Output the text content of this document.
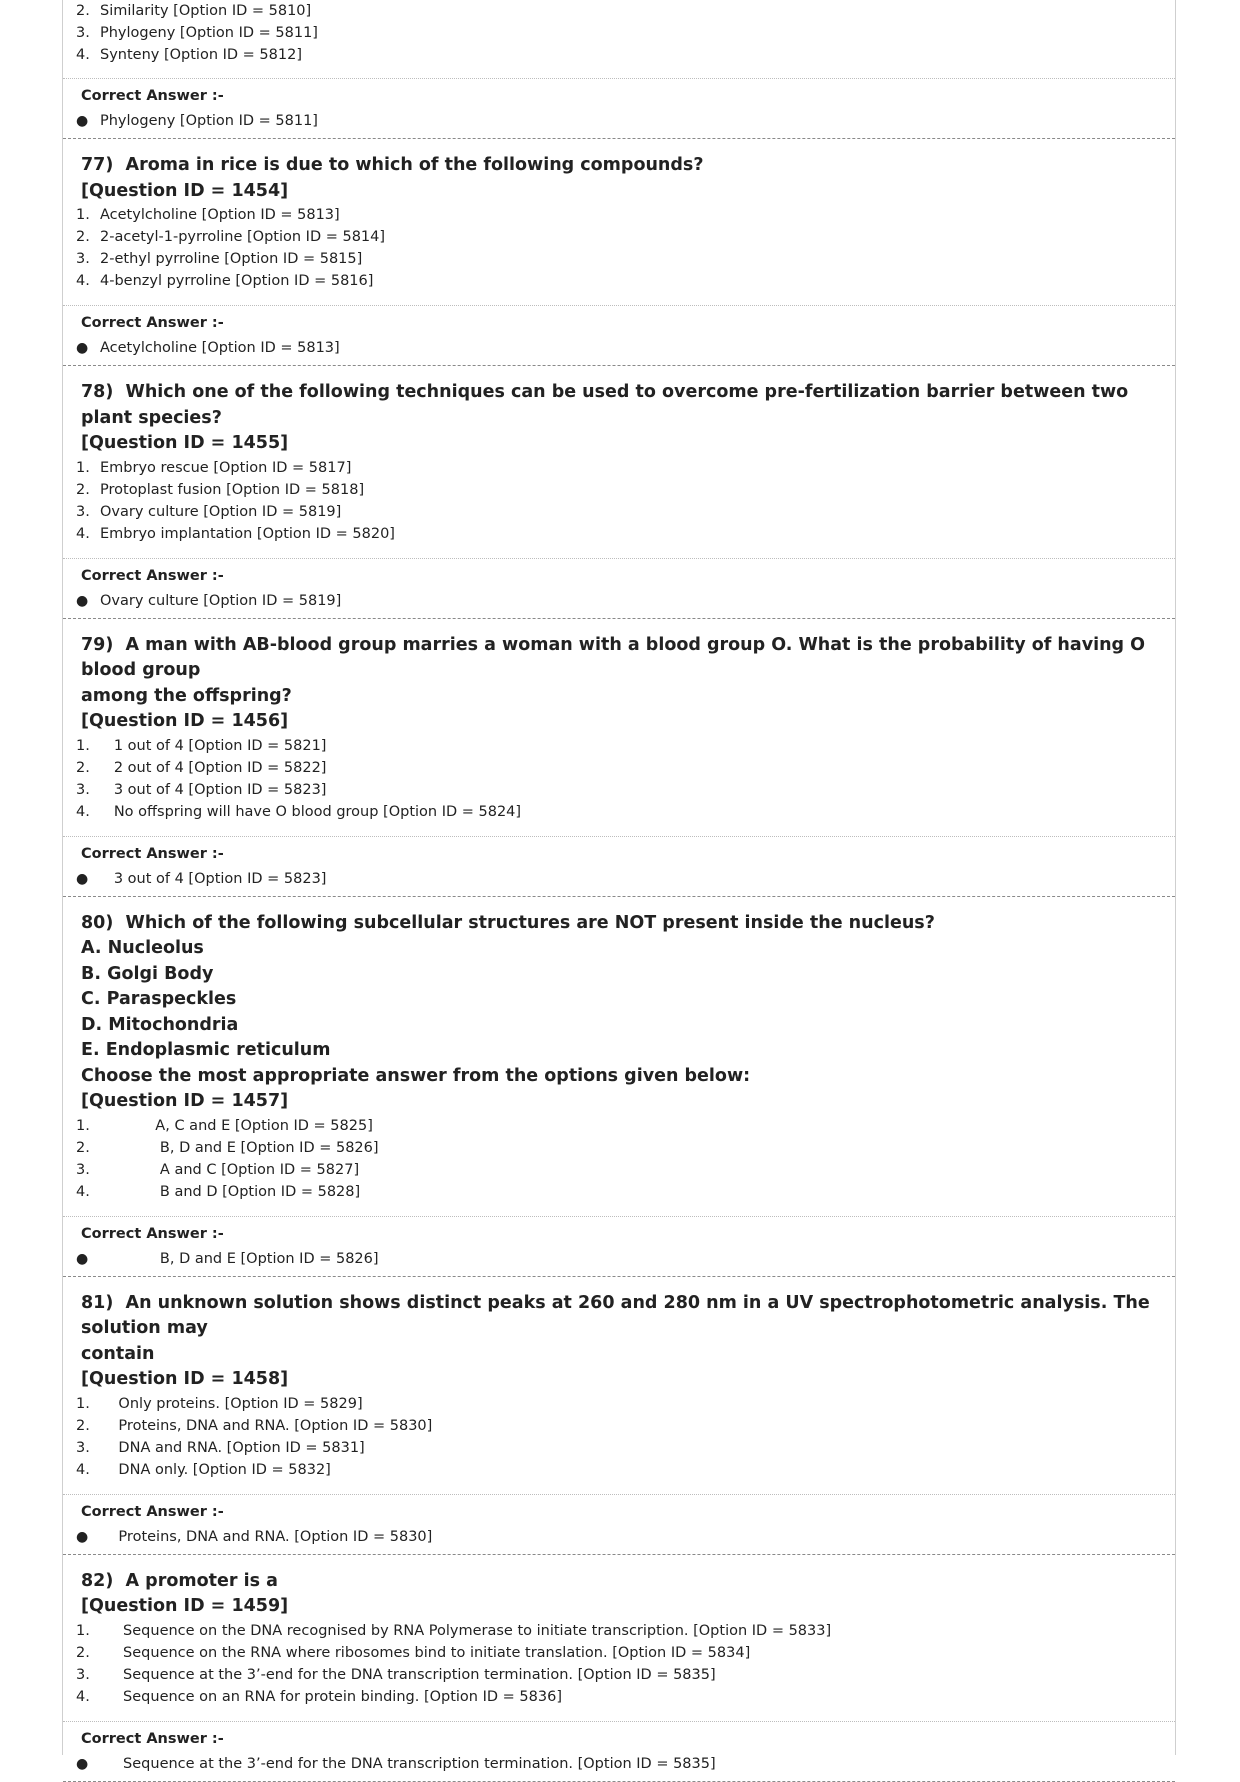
2. Similarity [Option ID = 5810]
3. Phylogeny [Option ID = 5811]
4. Synteny [Option ID = 5812]
Correct Answer :-
● Phylogeny [Option ID = 5811]
77)  Aroma in rice is due to which of the following compounds?
[Question ID = 1454]
1. Acetylcholine [Option ID = 5813]
2. 2-acetyl-1-pyrroline [Option ID = 5814]
3. 2-ethyl pyrroline [Option ID = 5815]
4. 4-benzyl pyrroline [Option ID = 5816]
Correct Answer :-
● Acetylcholine [Option ID = 5813]
78)  Which one of the following techniques can be used to overcome pre-fertilization barrier between two plant species?
[Question ID = 1455]
1. Embryo rescue [Option ID = 5817]
2. Protoplast fusion [Option ID = 5818]
3. Ovary culture [Option ID = 5819]
4. Embryo implantation [Option ID = 5820]
Correct Answer :-
● Ovary culture [Option ID = 5819]
79)  A man with AB-blood group marries a woman with a blood group O. What is the probability of having O blood group
among the offspring?
[Question ID = 1456]
1. 1 out of 4 [Option ID = 5821]
2. 2 out of 4 [Option ID = 5822]
3. 3 out of 4 [Option ID = 5823]
4. No offspring will have O blood group [Option ID = 5824]
Correct Answer :-
● 3 out of 4 [Option ID = 5823]
80)  Which of the following subcellular structures are NOT present inside the nucleus?
A. Nucleolus
B. Golgi Body
C. Paraspeckles
D. Mitochondria
E. Endoplasmic reticulum
Choose the most appropriate answer from the options given below:
[Question ID = 1457]
1. A, C and E [Option ID = 5825]
2. B, D and E [Option ID = 5826]
3. A and C [Option ID = 5827]
4. B and D [Option ID = 5828]
Correct Answer :-
● B, D and E [Option ID = 5826]
81)  An unknown solution shows distinct peaks at 260 and 280 nm in a UV spectrophotometric analysis. The solution may
contain
[Question ID = 1458]
1. Only proteins. [Option ID = 5829]
2. Proteins, DNA and RNA. [Option ID = 5830]
3. DNA and RNA. [Option ID = 5831]
4. DNA only. [Option ID = 5832]
Correct Answer :-
● Proteins, DNA and RNA. [Option ID = 5830]
82)  A promoter is a
[Question ID = 1459]
1. Sequence on the DNA recognised by RNA Polymerase to initiate transcription. [Option ID = 5833]
2. Sequence on the RNA where ribosomes bind to initiate translation. [Option ID = 5834]
3. Sequence at the 3’-end for the DNA transcription termination. [Option ID = 5835]
4. Sequence on an RNA for protein binding. [Option ID = 5836]
Correct Answer :-
● Sequence at the 3’-end for the DNA transcription termination. [Option ID = 5835]
